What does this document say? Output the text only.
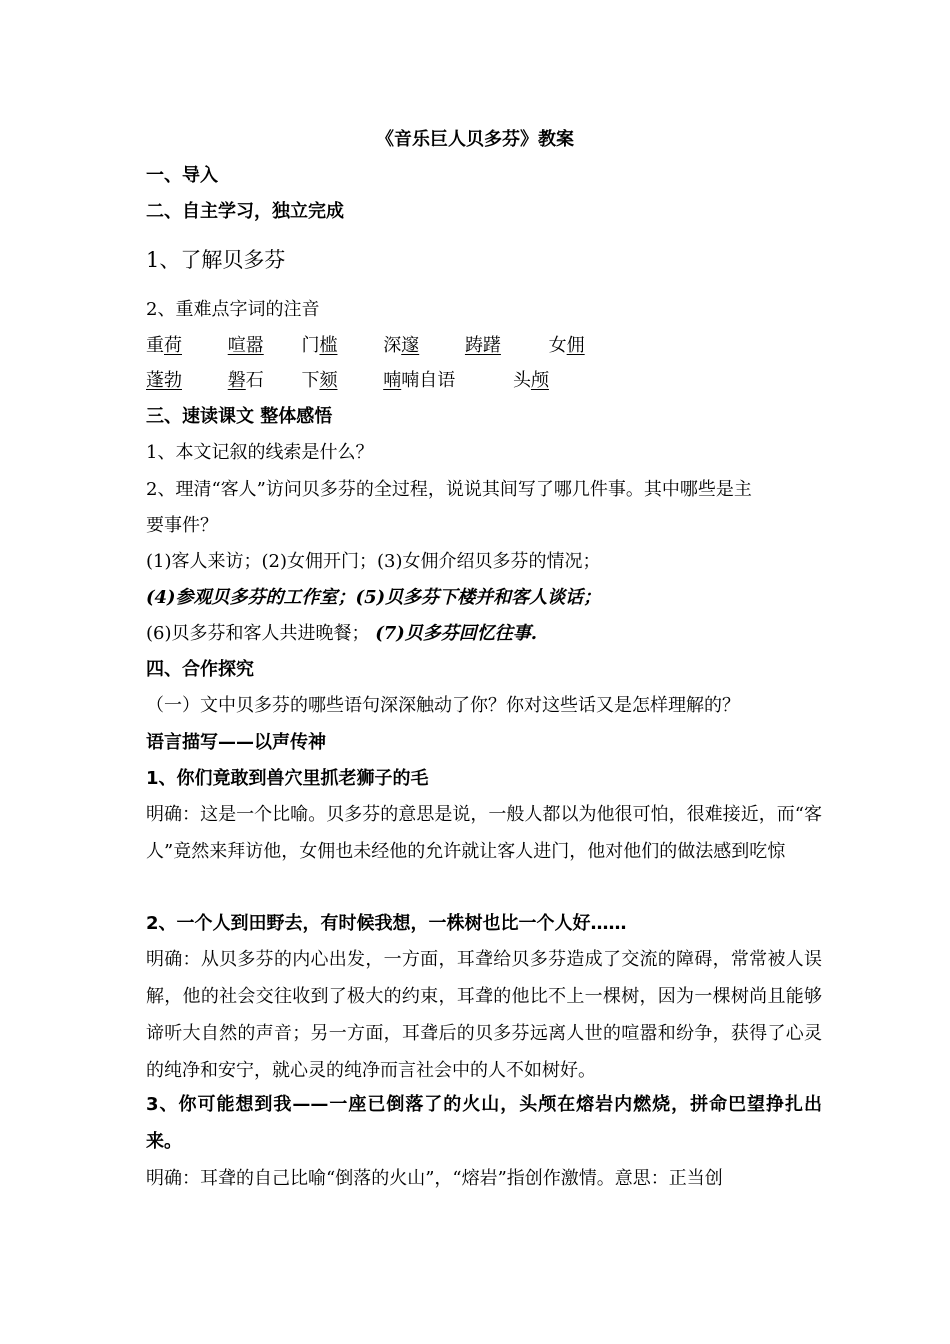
《音乐巨人贝多芬》教案
一、导入
二、自主学习，独立完成
1、了解贝多芬
2、重难点字词的注音
重荷	喧嚣 门槛	深邃	踌躇	女佣
蓬勃	磐石 下颏	喃喃自语	头颅
三、速读课文 整体感悟
1、本文记叙的线索是什么？
2、理清“客人”访问贝多芬的全过程，说说其间写了哪几件事。其中哪些是主
要事件？
(1)客人来访；(2)女佣开门；(3)女佣介绍贝多芬的情况；
(4)参观贝多芬的工作室；(5)贝多芬下楼并和客人谈话；
(6)贝多芬和客人共进晚餐； (7)贝多芬回忆往事.
四、合作探究
（一）文中贝多芬的哪些语句深深触动了你？你对这些话又是怎样理解的？
语言描写——以声传神
1、你们竟敢到兽穴里抓老狮子的毛
明确：这是一个比喻。贝多芬的意思是说，一般人都以为他很可怕，很难接近，而“客人”竟然来拜访他，女佣也未经他的允许就让客人进门，他对他们的做法感到吃惊
2、一个人到田野去，有时候我想，一株树也比一个人好……
明确：从贝多芬的内心出发，一方面，耳聋给贝多芬造成了交流的障碍，常常被人误解，他的社会交往收到了极大的约束，耳聋的他比不上一棵树，因为一棵树尚且能够谛听大自然的声音；另一方面，耳聋后的贝多芬远离人世的喧嚣和纷争，获得了心灵的纯净和安宁，就心灵的纯净而言社会中的人不如树好。
3、你可能想到我——一座已倒落了的火山，头颅在熔岩内燃烧，拼命巴望挣扎出来。
明确：耳聋的自己比喻“倒落的火山”，“熔岩”指创作激情。意思：正当创
